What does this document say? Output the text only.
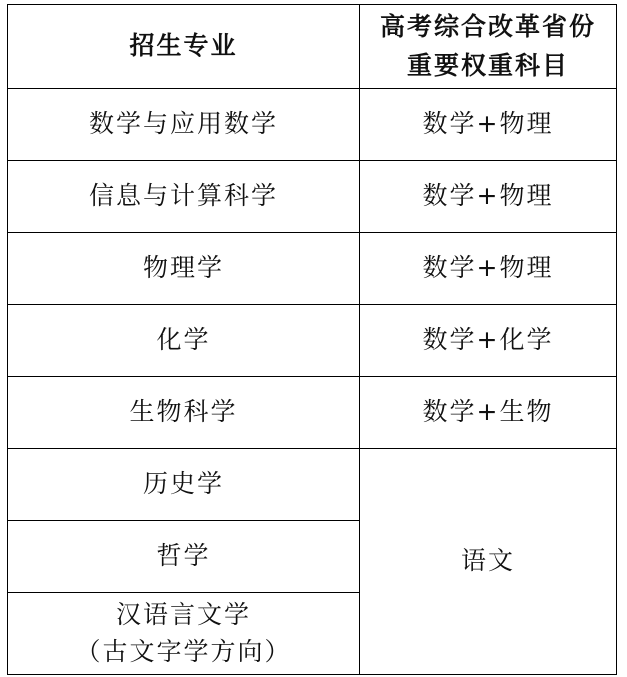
招生专业	高考综合改革省份
重要权重科目

数学与应用数学	数学+物理
信息与计算科学	数学+物理
物理学	数学+物理
化学	数学+化学
生物科学	数学+生物
历史学	语文
哲学	

汉语言文学
（古文字学方向）	
